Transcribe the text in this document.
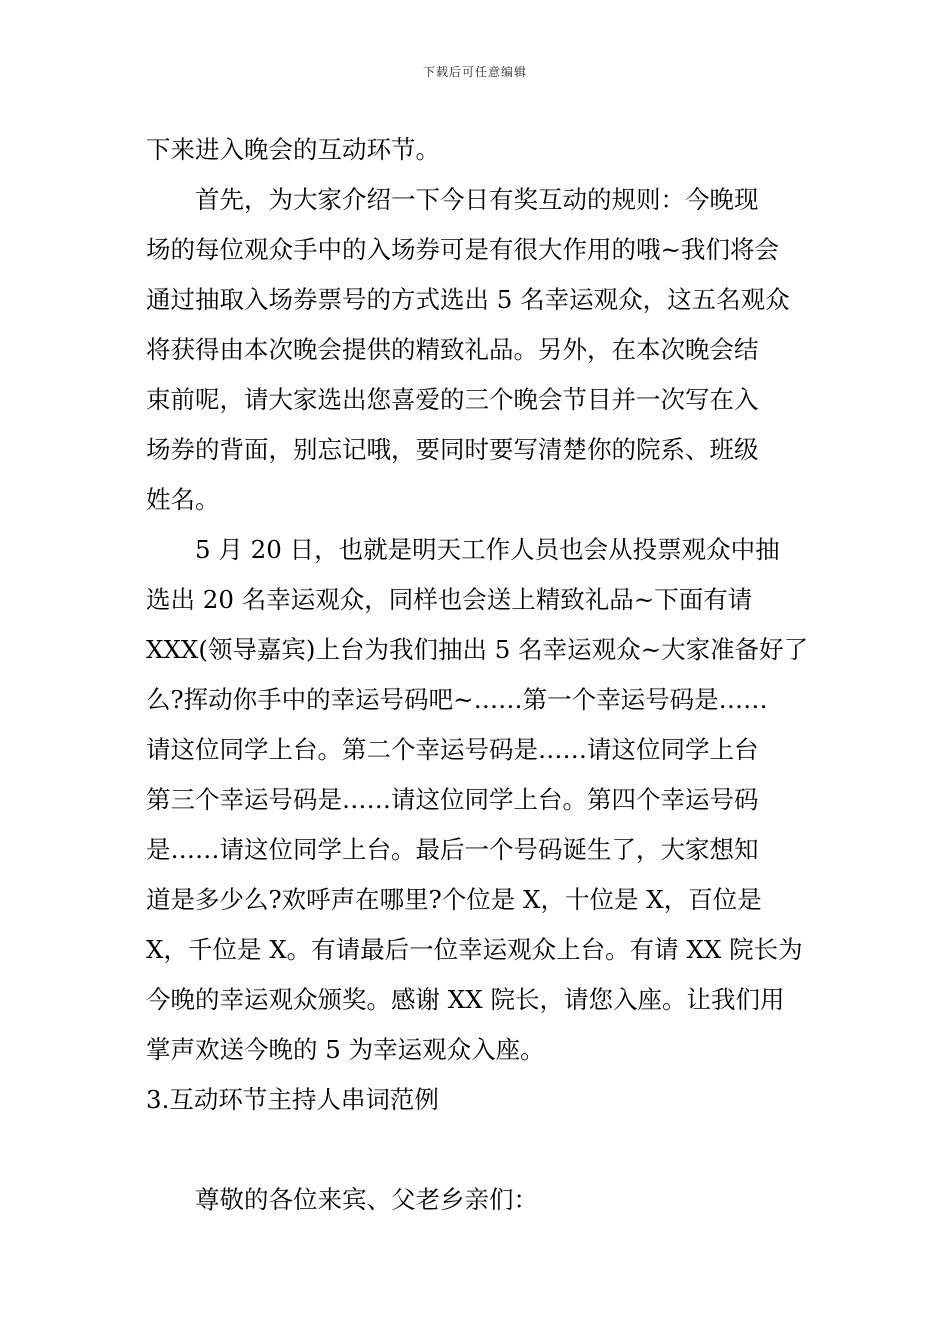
下载后可任意编辑
下来进入晚会的互动环节。
首先，为大家介绍一下今日有奖互动的规则：今晚现
场的每位观众手中的入场券可是有很大作用的哦~我们将会
通过抽取入场券票号的方式选出 5 名幸运观众，这五名观众
将获得由本次晚会提供的精致礼品。另外，在本次晚会结
束前呢，请大家选出您喜爱的三个晚会节目并一次写在入
场券的背面，别忘记哦，要同时要写清楚你的院系、班级
姓名。
5 月 20 日，也就是明天工作人员也会从投票观众中抽
选出 20 名幸运观众，同样也会送上精致礼品~下面有请
XXX(领导嘉宾)上台为我们抽出 5 名幸运观众~大家准备好了
么?挥动你手中的幸运号码吧~……第一个幸运号码是……
请这位同学上台。第二个幸运号码是……请这位同学上台
第三个幸运号码是……请这位同学上台。第四个幸运号码
是……请这位同学上台。最后一个号码诞生了，大家想知
道是多少么?欢呼声在哪里?个位是 X，十位是 X，百位是
X，千位是 X。有请最后一位幸运观众上台。有请 XX 院长为
今晚的幸运观众颁奖。感谢 XX 院长，请您入座。让我们用
掌声欢送今晚的 5 为幸运观众入座。
3.互动环节主持人串词范例
尊敬的各位来宾、父老乡亲们：
